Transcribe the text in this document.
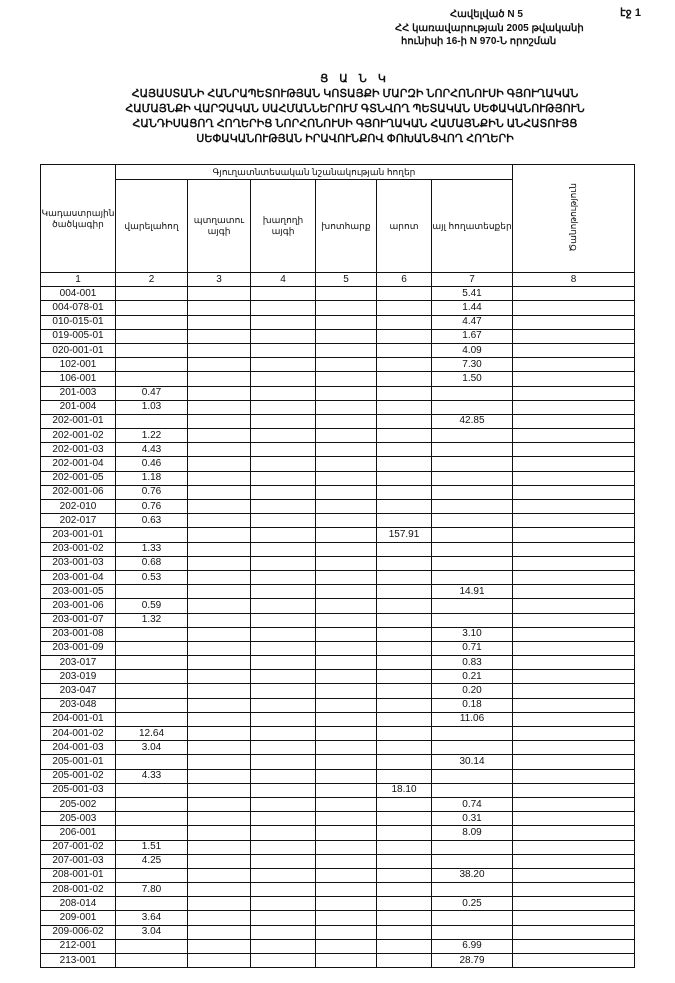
էջ 1
Հավելված N 5
ՀՀ կառավարության 2005 թվականի
հունիսի 16-ի N 970-Ն որոշման
Ց Ա Ն Կ
ՀԱՅԱՍՏԱՆԻ ՀԱՆՐԱՊԵՏՈՒԹՅԱՆ ԿՈՏԱՅՔԻ ՄԱՐԶԻ ՆՈՐՀՈՆՈՒՍԻ ԳՅՈՒՂԱԿԱՆ
ՀԱՄԱՅՆՔԻ ՎԱՐՉԱԿԱՆ ՍԱՀՄԱՆՆԵՐՈՒՄ ԳՏՆՎՈՂ ՊԵՏԱԿԱՆ ՍԵՓԱԿԱՆՈՒԹՅՈՒՆ
ՀԱՆԴԻՍԱՑՈՂ ՀՈՂԵՐԻՑ ՆՈՐՀՈՆՈՒՍԻ ԳՅՈՒՂԱԿԱՆ ՀԱՄԱՅՆՔԻՆ ԱՆՀԱՏՈՒՅՑ
ՍԵՓԱԿԱՆՈՒԹՅԱՆ ԻՐԱՎՈՒՆՔՈՎ ՓՈԽԱՆՑՎՈՂ ՀՈՂԵՐԻ
Կադաստրային ծածկագիր	Գյուղատնտեսական նշանակության հողեր						Ծանոթություն
	վարելահող	պտղատու այգի	խաղողի այգի	խոտհարք	արոտ	այլ հողատեսքեր	
1	2	3	4	5	6	7	8
004-001						5.41	
004-078-01						1.44	
010-015-01						4.47	
019-005-01						1.67	
020-001-01						4.09	
102-001						7.30	
106-001						1.50	
201-003	0.47						
201-004	1.03						
202-001-01						42.85	
202-001-02	1.22						
202-001-03	4.43						
202-001-04	0.46						
202-001-05	1.18						
202-001-06	0.76						
202-010	0.76						
202-017	0.63						
203-001-01					157.91		
203-001-02	1.33						
203-001-03	0.68						
203-001-04	0.53						
203-001-05						14.91	
203-001-06	0.59						
203-001-07	1.32						
203-001-08						3.10	
203-001-09						0.71	
203-017						0.83	
203-019						0.21	
203-047						0.20	
203-048						0.18	
204-001-01						11.06	
204-001-02	12.64						
204-001-03	3.04						
205-001-01						30.14	
205-001-02	4.33						
205-001-03					18.10		
205-002						0.74	
205-003						0.31	
206-001						8.09	
207-001-02	1.51						
207-001-03	4.25						
208-001-01						38.20	
208-001-02	7.80						
208-014						0.25	
209-001	3.64						
209-006-02	3.04						
212-001						6.99	
213-001						28.79	
